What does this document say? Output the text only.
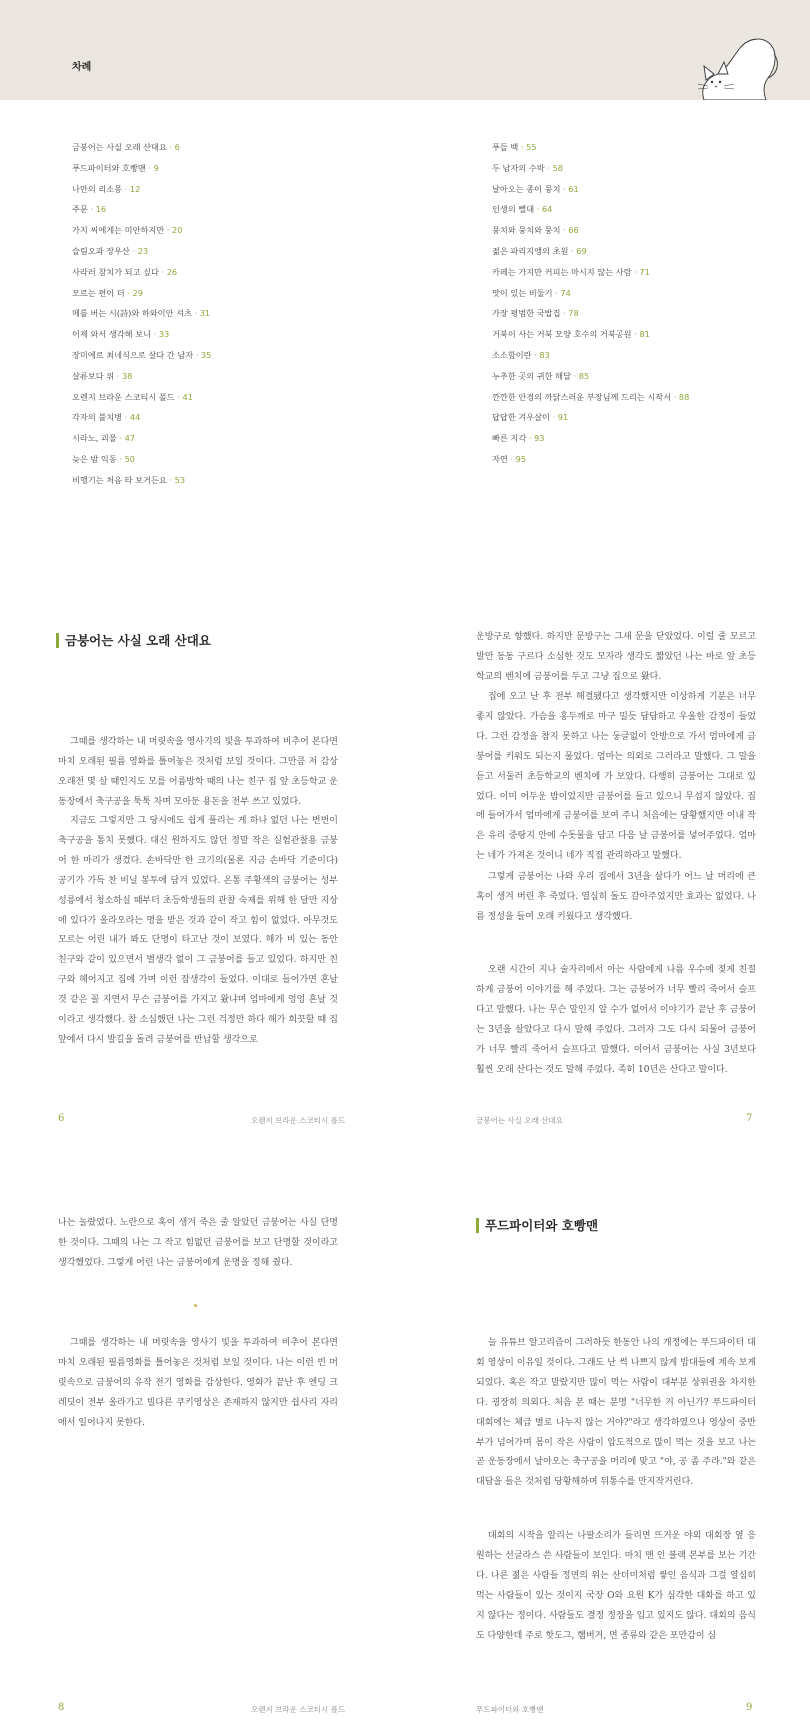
차례
금붕어는 사실 오래 산대요 · 6
푸드파이터와 호빵맨 · 9
나만의 리소몽 · 12
주문 · 16
가지 씨에게는 미안하지만 · 20
슬림오과 장우산 · 23
사라러 참치가 되고 싶다 · 26
모르는 편이 더 · 29
메를 버는 시(詩)와 하와이안 셔츠 · 31
이제 와서 생각해 보니 · 33
장미에르 최네식으로 살다 간 남자 · 35
살류보다 위 · 38
오렌지 브라운 스코티시 폴드 · 41
각자의 불치병 · 44
시라노, 괴물 · 47
늦은 밤 익동 · 50
비행기는 처음 타 보거든요 · 53
푸들 백 · 55
두 남자의 수박 · 58
날아오는 종이 뭉치 · 61
인생의 뻘대 · 64
뭉치와 뭉치와 뭉치 · 66
젊은 파리지앵의 초원 · 69
카페는 가지만 커피는 마시지 않는 사람 · 71
맛이 있는 비둘기 · 74
가장 평범한 국밥집 · 78
거북이 사는 거북 모양 호수의 거북공원 · 81
소소함이란 · 83
누추한 곳의 귀한 해달 · 85
깐깐한 안경의 까닭스러운 부장님께 드리는 시작서 · 88
답답한 겨우살이 · 91
빠른 지각 · 93
자연 · 95
금붕어는 사실 오래 산대요

그때를 생각하는 내 머릿속을 영사기의 빛을 투과하여 비추어 본다면 마치 오래된 필름 영화를 틀어놓은 것처럼 보일 것이다. 그만큼 저 감상 오래전 몇 살 때인지도 모를 어름방학 때의 나는 친구 집 앞 초등학교 운동장에서 축구공을 툭툭 차며 모아둔 용돈을 전부 쓰고 있었다.

지금도 그렇지만 그 당시에도 쉽게 풀리는 게 하나 없던 나는 번번이 축구공을 통치 못했다. 대신 원하지도 않던 정말 작은 실험관찰용 금붕어 한 마리가 생겼다. 손바닥만 한 크기의(물론 지금 손바닥 기준이다) 공기가 가득 찬 비닐 봉투에 담겨 있었다. 온통 주황색의 금붕어는 성부 성릉에서 청소하실 때부터 초등학생들의 관찰 숙제를 위해 한 달만 지상에 있다가 올라오라는 명을 받은 것과 같이 작고 힘이 없었다. 아무것도 모르는 어린 내가 봐도 단명이 타고난 것이 보였다. 해가 비 있는 동안 친구와 같이 있으면서 별생각 없이 그 금붕어를 들고 있었다. 하지만 친구와 헤어지고 집에 가며 이런 잡생각이 들었다. 이대로 들어가면 혼날 것 같은 꼴 지면서 무슨 금붕어를 가지고 왔냐며 엄마에게 엉엉 혼날 것이라고 생각했다. 참 소심했던 나는 그런 걱정만 하다 해가 희끗할 때 집 앞에서 다시 발길을 돌려 금붕어를 반납할 생각으로

6	오렌지 브라운 스코티시 폴드

운방구로 향했다. 하지만 문방구는 그새 문을 닫았었다. 이럴 줄 모르고 발만 동동 구르다 소심한 것도 모자라 생각도 짧았던 나는 바로 앞 초등학교의 벤치에 금붕어를 두고 그냥 집으로 왔다.

집에 오고 난 후 전부 해결됐다고 생각했지만 이상하게 기분은 너무 좋지 않았다. 가슴을 홍두깨로 마구 밀듯 답답하고 우울한 감정이 들었다. 그런 감정을 참지 못하고 나는 둥글없이 안방으로 가서 엄마에게 금붕어를 키워도 되는지 물었다. 엄마는 의외로 그러라고 말했다. 그 말을 듣고 서둘러 초등학교의 벤치에 가 보았다. 다행히 금붕어는 그대로 있었다. 이미 어두운 밤이었지만 금붕어를 들고 있으니 무섭지 않았다. 집에 들어가서 엄마에게 금붕어를 보여 주니 처음에는 당황했지만 이내 작은 유리 중탕지 안에 수돗물을 담고 다음 날 금붕어를 넣어주었다. 엄마는 네가 가져온 것이니 네가 직접 관리하라고 말했다.

그렇게 금붕어는 나와 우리 집에서 3년을 살다가 어느 날 머리에 큰 혹이 생겨 버린 후 죽었다. 열심히 돌도 갈아주었지만 효과는 없었다. 나름 정성을 들여 오래 키웠다고 생각했다.

오랜 시간이 지나 술자리에서 아는 사람에게 나름 우수에 젖게 친절하게 금붕어 이야기를 해 주었다. 그는 금붕어가 너무 빨리 죽어서 슬프다고 말했다. 나는 무슨 말인지 알 수가 없어서 이야기가 끝난 후 금붕어는 3년을 살았다고 다시 말해 주었다. 그러자 그도 다시 되물어 금붕어가 너무 빨리 죽어서 슬프다고 말했다. 이어서 금붕어는 사실 3년보다 훨씬 오래 산다는 것도 말해 주었다. 족히 10년은 산다고 말이다.

금붕어는 사실 오래 산대요	7

나는 놀랐었다. 노란으로 혹이 생겨 죽은 줄 알았던 금붕어는 사실 단명한 것이다. 그때의 나는 그 작고 힘없던 금붕어를 보고 단명할 것이라고 생각했었다. 그렇게 어린 나는 금붕어에게 운명을 정해 줬다.

그때를 생각하는 내 머릿속을 영사기 빛을 투과하여 비추어 본다면 마치 오래된 필름영화를 틀어놓은 것처럼 보일 것이다. 나는 이런 빈 머릿속으로 금붕어의 유작 전기 영화를 감상한다. 영화가 끝난 후 엔딩 크레딧이 전부 올라가고 빌다른 쿠키영상은 존재하지 않지만 쉽사리 자리에서 일어나지 못한다.

8	오렌지 브라운 스코티시 폴드
푸드파이터와 호빵맨

늘 유튜브 알고리즘이 그러하듯 한동안 나의 개정에는 푸드파이터 대회 영상이 이유일 것이다. 그래도 난 썩 나쁘지 않게 밥대들에 계속 보게 되었다. 혹은 작고 말랐지만 많이 먹는 사람이 대부분 상위권을 차지한다. 굉장히 의외다. 처음 본 때는 분명 "너무한 거 아닌가? 푸드파이터 대회에는 체급 별로 나누지 않는 거야?"라고 생각하였으나 영상이 중반부가 넘어가며 몸이 작은 사람이 압도적으로 많이 먹는 것을 보고 나는 곧 운동장에서 날아오는 축구공을 머리에 맞고 "야, 공 좀 주라."와 같은 대답을 들은 것처럼 당황해하며 뒤통수를 만지작거린다.

대회의 시작을 알리는 나팔소리가 들리면 뜨거운 야외 대회장 옆 응원하는 선글라스 쓴 사람들이 보인다. 마치 맨 인 블랙 본부를 보는 기간다. 나른 젊은 사람들 정면의 위는 산더미처럼 쌓인 음식과 그걸 열심히 먹는 사람들이 있는 것이지 국장 O와 요원 K가 심각한 대화를 하고 있지 않다는 정이다. 사람들도 결정 정장을 입고 있지도 않다. 대회의 음식도 다양한데 주로 핫도그, 햄버거, 면 종류와 같은 포만감이 심

푸드파이터와 호빵맨	9
